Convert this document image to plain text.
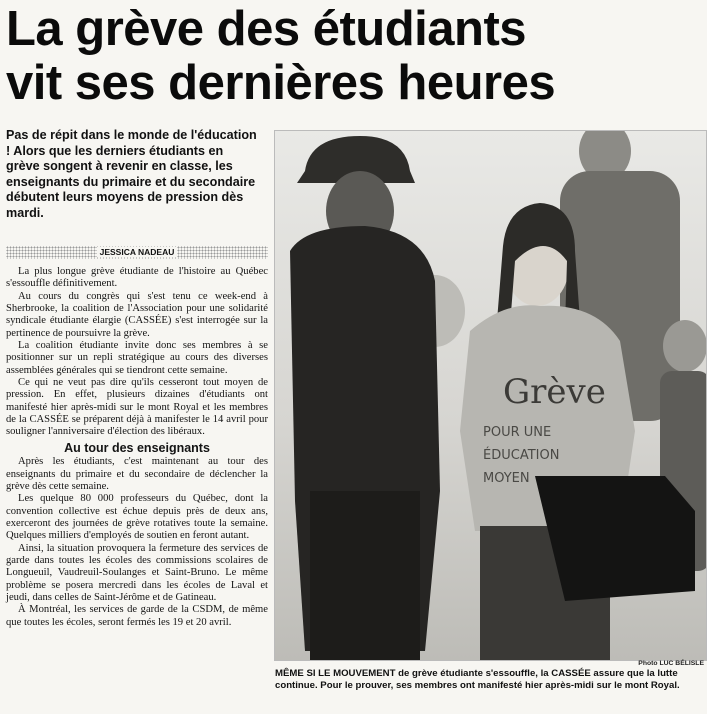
La grève des étudiants
vit ses dernières heures
Pas de répit dans le monde de l'éducation ! Alors que les derniers étudiants en grève songent à revenir en classe, les enseignants du primaire et du secondaire débutent leurs moyens de pression dès mardi.
JESSICA NADEAU

La plus longue grève étudiante de l'histoire au Québec s'essouffle définitivement.

Au cours du congrès qui s'est tenu ce week-end à Sherbrooke, la coalition de l'Association pour une solidarité syndicale étudiante élargie (CASSÉE) s'est interrogée sur la pertinence de poursuivre la grève.

La coalition étudiante invite donc ses membres à se positionner sur un repli stratégique au cours des diverses assemblées générales qui se tiendront cette semaine.

Ce qui ne veut pas dire qu'ils cesseront tout moyen de pression. En effet, plusieurs dizaines d'étudiants ont manifesté hier après-midi sur le mont Royal et les membres de la CASSÉE se préparent déjà à manifester le 14 avril pour souligner l'anniversaire d'élection des libéraux.

Au tour des enseignants

Après les étudiants, c'est maintenant au tour des enseignants du primaire et du secondaire de déclencher la grève dès cette semaine.

Les quelque 80 000 professeurs du Québec, dont la convention collective est échue depuis près de deux ans, exerceront des journées de grève rotatives toute la semaine. Quelques milliers d'employés de soutien en feront autant.

Ainsi, la situation provoquera la fermeture des services de garde dans toutes les écoles des commissions scolaires de Longueuil, Vaudreuil-Soulanges et Saint-Bruno. Le même problème se posera mercredi dans les écoles de Laval et jeudi, dans celles de Saint-Jérôme et de Gatineau.

À Montréal, les services de garde de la CSDM, de même que toutes les écoles, seront fermés les 19 et 20 avril.

Grève
POUR UNE
ÉDUCATION
MOYEN
Photo LUC BÉLISLE
MÊME SI LE MOUVEMENT de grève étudiante s'essouffle, la CASSÉE assure que la lutte continue. Pour le prouver, ses membres ont manifesté hier après-midi sur le mont Royal.
